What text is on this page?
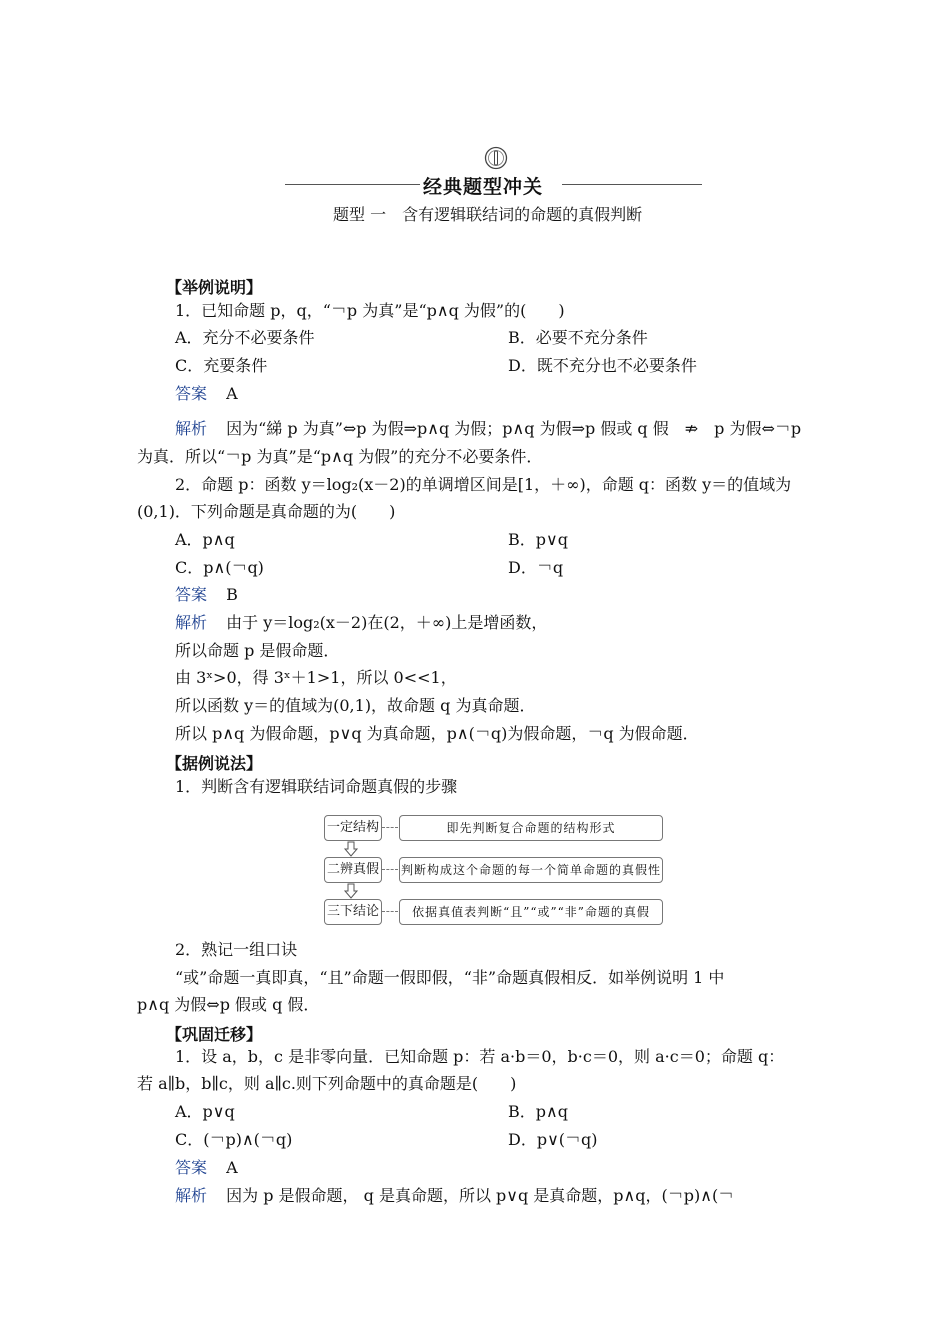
经典题型冲关
题型 一　含有逻辑联结词的命题的真假判断
【举例说明】
1．已知命题 p，q，“￢p 为真”是“p∧q 为假”的(　　)
A．充分不必要条件	B．必要不充分条件
C．充要条件	D．既不充分也不必要条件
答案 A
解析 因为“綈 p 为真”⇔p 为假⇒p∧q 为假；p∧q 为假⇒p 假或 q 假　⇏　p 为假⇔￢p
为真．所以“￢p 为真”是“p∧q 为假”的充分不必要条件．
2．命题 p：函数 y＝log₂(x－2)的单调增区间是[1，＋∞)，命题 q：函数 y＝的值域为
(0,1)．下列命题是真命题的为(　　)
A．p∧q	B．p∨q
C．p∧(￢q)	D．￢q
答案 B
解析 由于 y＝log₂(x－2)在(2，＋∞)上是增函数，
所以命题 p 是假命题．
由 3ˣ>0，得 3ˣ＋1>1，所以 0<<1，
所以函数 y＝的值域为(0,1)，故命题 q 为真命题．
所以 p∧q 为假命题，p∨q 为真命题，p∧(￢q)为假命题，￢q 为假命题．
【据例说法】
1．判断含有逻辑联结词命题真假的步骤
一定结构	即先判断复合命题的结构形式
二辨真假 判断构成这个命题的每一个简单命题的真假性
三下结论	依据真值表判断“且”“或”“非”命题的真假
2．熟记一组口诀
“或”命题一真即真，“且”命题一假即假，“非”命题真假相反．如举例说明 1 中
p∧q 为假⇔p 假或 q 假．
【巩固迁移】
1．设 a，b，c 是非零向量．已知命题 p：若 a·b＝0，b·c＝0，则 a·c＝0；命题 q：
若 a∥b，b∥c，则 a∥c.则下列命题中的真命题是(　　)
A．p∨q	B．p∧q
C．(￢p)∧(￢q)	D．p∨(￢q)
答案 A
解析 因为 p 是假命题， q 是真命题，所以 p∨q 是真命题，p∧q，(￢p)∧(￢
